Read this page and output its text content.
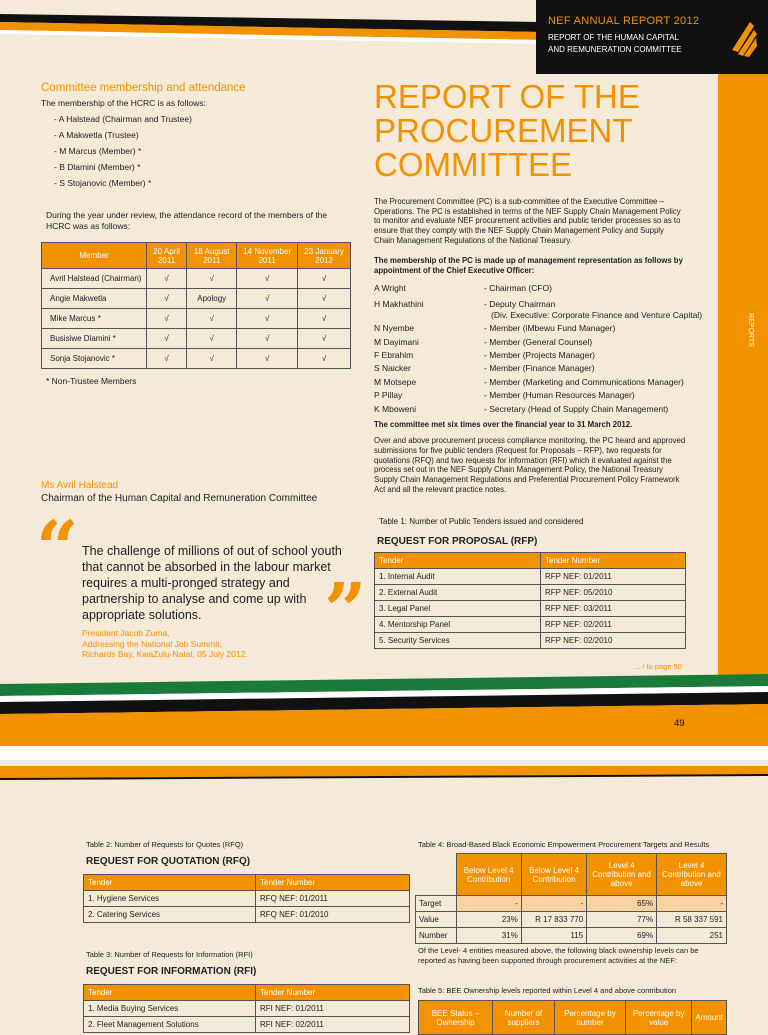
NEF ANNUAL REPORT 2012
REPORT OF THE HUMAN CAPITAL
AND REMUNERATION COMMITTEE
REPORTS
Committee membership and attendance
The membership of the HCRC is as follows:
- A Halstead (Chairman and Trustee)
- A Makwetla (Trustee)
- M Marcus (Member) *
- B Dlamini (Member) *
- S Stojanovic (Member) *
During the year under review, the attendance record of the members of the HCRC was as follows:
Member	20 April 2011	18 August 2011	14 November 2011	23 January 2012
Avril Halstead (Chairman)	√	√	√	√
Angie Makwetla	√	Apology	√	√
Mike Marcus *	√	√	√	√
Busisiwe Dlamini *	√	√	√	√
Sonja Stojanovic *	√	√	√	√
* Non-Trustee Members
Ms Avril Halstead
Chairman of the Human Capital and Remuneration Committee
“ The challenge of millions of out of school youth that cannot be absorbed in the labour market requires a multi-pronged strategy and partnership to analyse and come up with appropriate solutions.	”
President Jacob Zuma,
Addressing the National Job Summit,
Richards Bay, KwaZulu-Natal, 05 July 2012.
REPORT OF THE
PROCUREMENT
COMMITTEE
The Procurement Committee (PC) is a sub-committee of the Executive Committee – Operations. The PC is established in terms of the NEF Supply Chain Management Policy to monitor and evaluate NEF procurement activities and public tender processes so as to ensure that they comply with the NEF Supply Chain Management Policy and Supply Chain Management Regulations of the National Treasury.
The membership of the PC is made up of management representation as follows by appointment of the Chief Executive Officer:
A Wright	- Chairman (CFO)
H Makhathini	- Deputy Chairman
(Div. Executive: Corporate Finance and Venture Capital)
N Nyembe	- Member (iMbewu Fund Manager)
M Dayimani	- Member (General Counsel)
F Ebrahim	- Member (Projects Manager)
S Naicker	- Member (Finance Manager)
M Motsepe	- Member (Marketing and Communications Manager)
P Pillay	- Member (Human Resources Manager)
K Mboweni	- Secretary (Head of Supply Chain Management)
The committee met six times over the financial year to 31 March 2012.
Over and above procurement process compliance monitoring, the PC heard and approved submissions for five public tenders (Request for Proposals – RFP), two requests for quotations (RFQ) and two requests for information (RFI) which it evaluated against the process set out in the NEF Supply Chain Management Policy, the National Treasury Supply Chain Management Regulations and Preferential Procurement Policy Framework Act and all the relevant practice notes.
Table 1: Number of Public Tenders issued and considered
REQUEST FOR PROPOSAL (RFP)
Tender	Tender Number
1. Internal Audit	RFP NEF: 01/2011
2. External Audit	RFP NEF: 05/2010
3. Legal Panel	RFP NEF: 03/2011
4. Mentorship Panel	RFP NEF: 02/2011
5. Security Services	RFP NEF: 02/2010
... / to page 50
49
Table 2: Number of Requests for Quotes (RFQ)
REQUEST FOR QUOTATION (RFQ)
Tender	Tender Number
1. Hygiene Services	RFQ NEF: 01/2011
2. Catering Services	RFQ NEF: 01/2010
Table 3: Number of Requests for Information (RFI)
REQUEST FOR INFORMATION (RFI)
Tender	Tender Number
1. Media Buying Services	RFI NEF: 01/2011
2. Fleet Management Solutions	RFI NEF: 02/2011
Table 4: Broad-Based Black Economic Empowerment Procurement Targets and Results
	Below Level 4 Contribution	Below Level 4 Contribution	Level 4 Contribution and above	Level 4 Contribution and above
Target	-	-	65%	-
Value	23%	R 17 833 770	77%	R 58 337 591
Number	31%	115	69%	251
Of the Level- 4 entities measured above, the following black ownership levels can be reported as having been supported through procurement activities at the NEF:
Table 5: BEE Ownership levels reported within Level 4 and above contribution
BEE Status – Ownership	Number of suppliers	Percentage by number	Percentage by value	Amount
